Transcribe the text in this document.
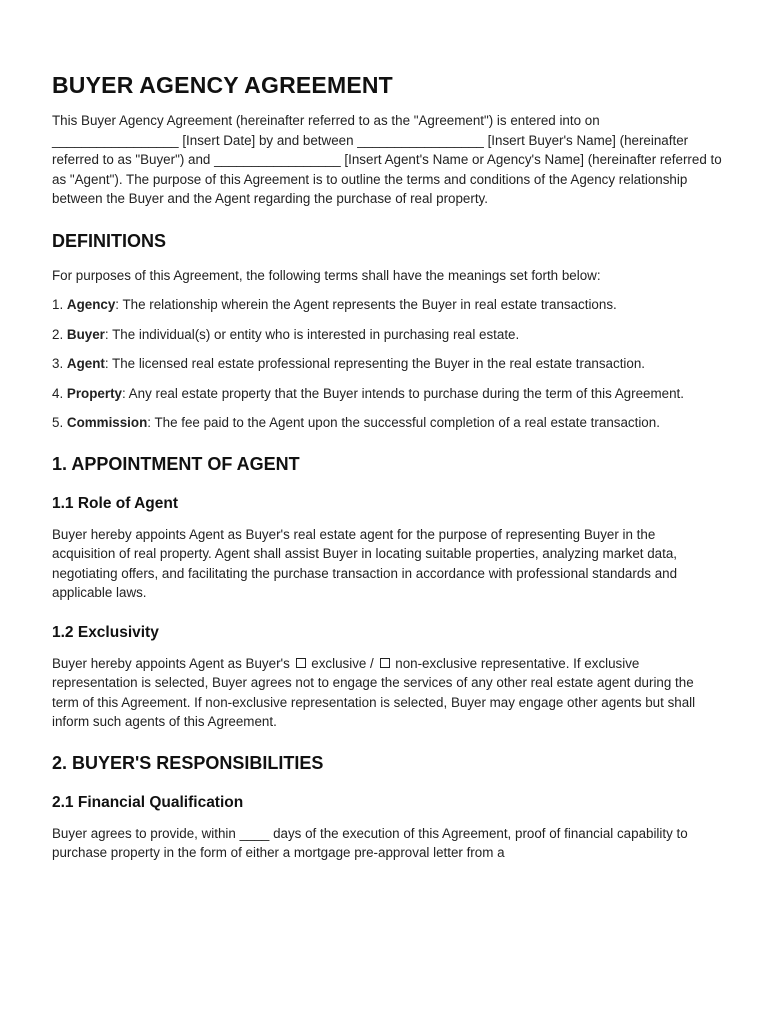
BUYER AGENCY AGREEMENT

This Buyer Agency Agreement (hereinafter referred to as the "Agreement") is entered into on _________________ [Insert Date] by and between _________________ [Insert Buyer's Name] (hereinafter referred to as "Buyer") and _________________ [Insert Agent's Name or Agency's Name] (hereinafter referred to as "Agent"). The purpose of this Agreement is to outline the terms and conditions of the Agency relationship between the Buyer and the Agent regarding the purchase of real property.

DEFINITIONS

For purposes of this Agreement, the following terms shall have the meanings set forth below:

1. Agency: The relationship wherein the Agent represents the Buyer in real estate transactions.

2. Buyer: The individual(s) or entity who is interested in purchasing real estate.

3. Agent: The licensed real estate professional representing the Buyer in the real estate transaction.

4. Property: Any real estate property that the Buyer intends to purchase during the term of this Agreement.

5. Commission: The fee paid to the Agent upon the successful completion of a real estate transaction.

1. APPOINTMENT OF AGENT
1.1 Role of Agent

Buyer hereby appoints Agent as Buyer's real estate agent for the purpose of representing Buyer in the acquisition of real property. Agent shall assist Buyer in locating suitable properties, analyzing market data, negotiating offers, and facilitating the purchase transaction in accordance with professional standards and applicable laws.

1.2 Exclusivity

Buyer hereby appoints Agent as Buyer's exclusive / non-exclusive representative. If exclusive representation is selected, Buyer agrees not to engage the services of any other real estate agent during the term of this Agreement. If non-exclusive representation is selected, Buyer may engage other agents but shall inform such agents of this Agreement.

2. BUYER'S RESPONSIBILITIES
2.1 Financial Qualification

Buyer agrees to provide, within ____ days of the execution of this Agreement, proof of financial capability to purchase property in the form of either a mortgage pre-approval letter from a
